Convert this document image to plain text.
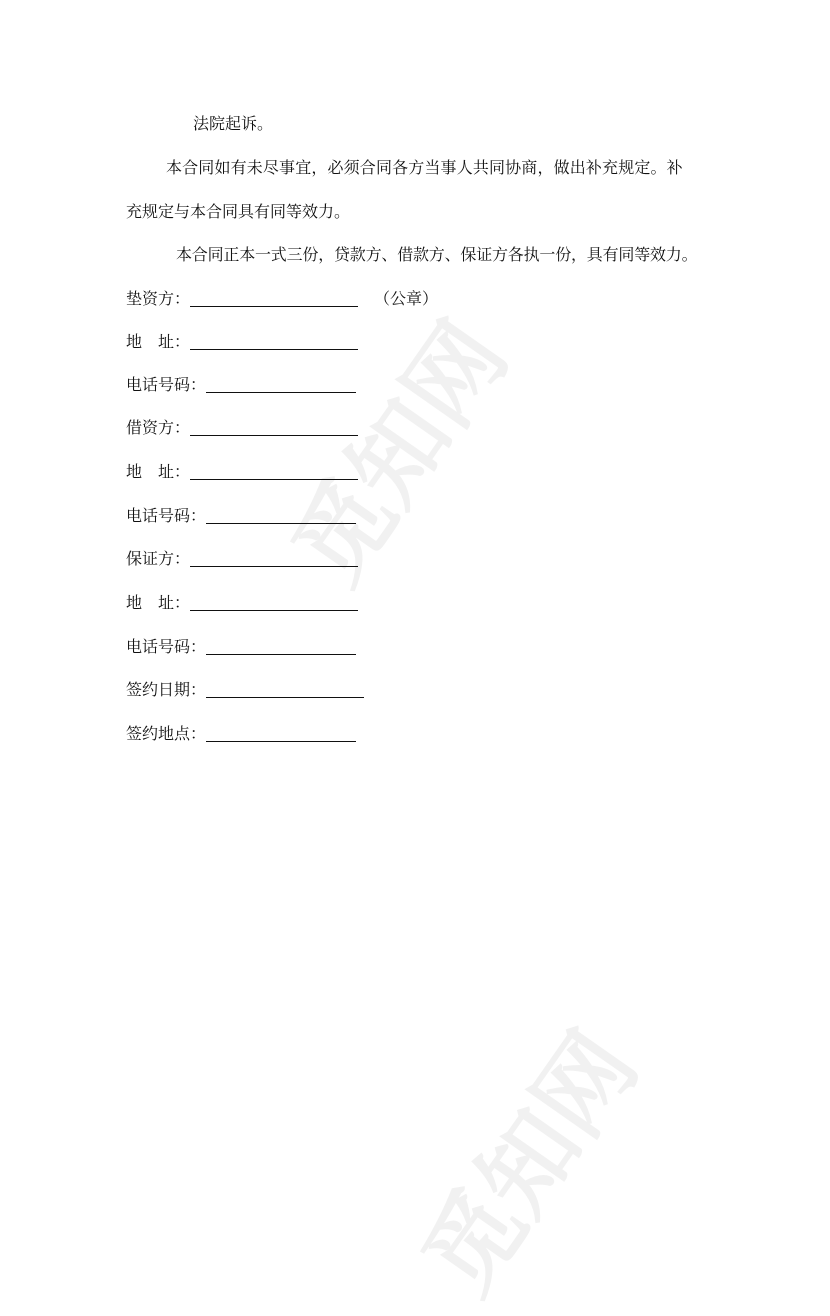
觅知网
觅知网
法院起诉。
本合同如有未尽事宜，必须合同各方当事人共同协商，做出补充规定。补
充规定与本合同具有同等效力。
本合同正本一式三份，贷款方、借款方、保证方各执一份，具有同等效力。
垫资方：	（公章）
地　址：
电话号码：
借资方：
地　址：
电话号码：
保证方：
地　址：
电话号码：
签约日期：
签约地点：
